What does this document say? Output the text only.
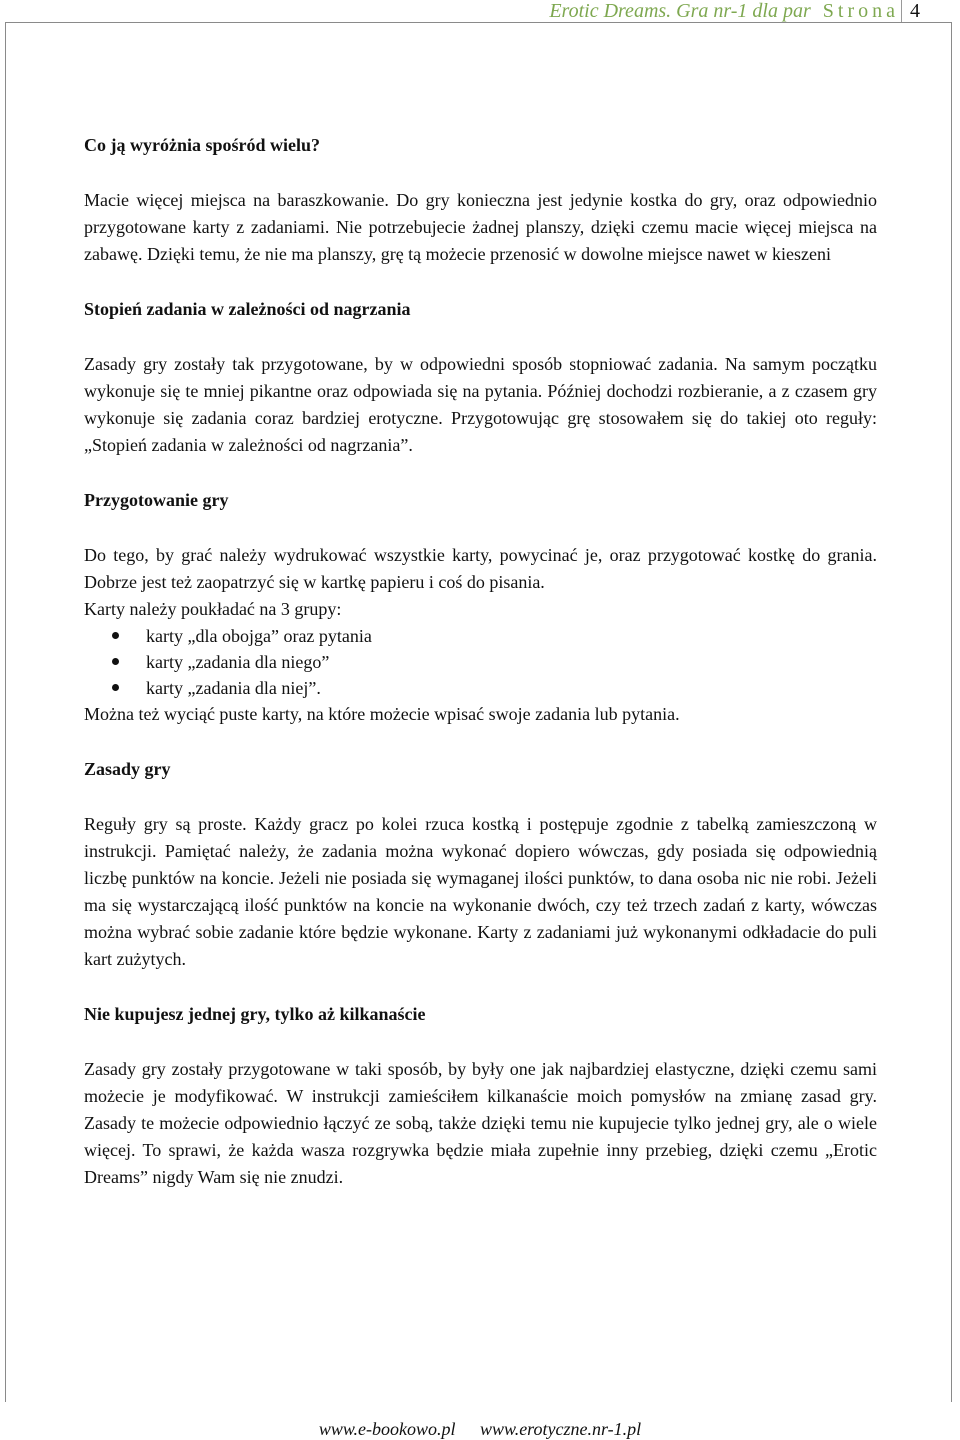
Erotic Dreams. Gra nr-1 dla par Strona 4
Co ją wyróżnia spośród wielu?
Macie więcej miejsca na baraszkowanie. Do gry konieczna jest jedynie kostka do gry, oraz odpowiednio przygotowane karty z zadaniami. Nie potrzebujecie żadnej planszy, dzięki czemu macie więcej miejsca na zabawę. Dzięki temu, że nie ma planszy, grę tą możecie przenosić w dowolne miejsce nawet w kieszeni
Stopień zadania w zależności od nagrzania
Zasady gry zostały tak przygotowane, by w odpowiedni sposób stopniować zadania. Na samym początku wykonuje się te mniej pikantne oraz odpowiada się na pytania. Później dochodzi rozbieranie, a z czasem gry wykonuje się zadania coraz bardziej erotyczne. Przygotowując grę stosowałem się do takiej oto reguły: „Stopień zadania w zależności od nagrzania”.
Przygotowanie gry
Do tego, by grać należy wydrukować wszystkie karty, powycinać je, oraz przygotować kostkę do grania. Dobrze jest też zaopatrzyć się w kartkę papieru i coś do pisania.
Karty należy poukładać na 3 grupy:
karty „dla obojga” oraz pytania
karty „zadania dla niego”
karty „zadania dla niej”.
Można też wyciąć puste karty, na które możecie wpisać swoje zadania lub pytania.
Zasady gry
Reguły gry są proste. Każdy gracz po kolei rzuca kostką i postępuje zgodnie z tabelką zamieszczoną w instrukcji. Pamiętać należy, że zadania można wykonać dopiero wówczas, gdy posiada się odpowiednią liczbę punktów na koncie. Jeżeli nie posiada się wymaganej ilości punktów, to dana osoba nic nie robi. Jeżeli ma się wystarczającą ilość punktów na koncie na wykonanie dwóch, czy też trzech zadań z karty, wówczas można wybrać sobie zadanie które będzie wykonane. Karty z zadaniami już wykonanymi odkładacie do puli kart zużytych.
Nie kupujesz jednej gry, tylko aż kilkanaście
Zasady gry zostały przygotowane w taki sposób, by były one jak najbardziej elastyczne, dzięki czemu sami możecie je modyfikować. W instrukcji zamieściłem kilkanaście moich pomysłów na zmianę zasad gry. Zasady te możecie odpowiednio łączyć ze sobą, także dzięki temu nie kupujecie tylko jednej gry, ale o wiele więcej. To sprawi, że każda wasza rozgrywka będzie miała zupełnie inny przebieg, dzięki czemu „Erotic Dreams” nigdy Wam się nie znudzi.
www.e-bookowo.pl www.erotyczne.nr-1.pl
